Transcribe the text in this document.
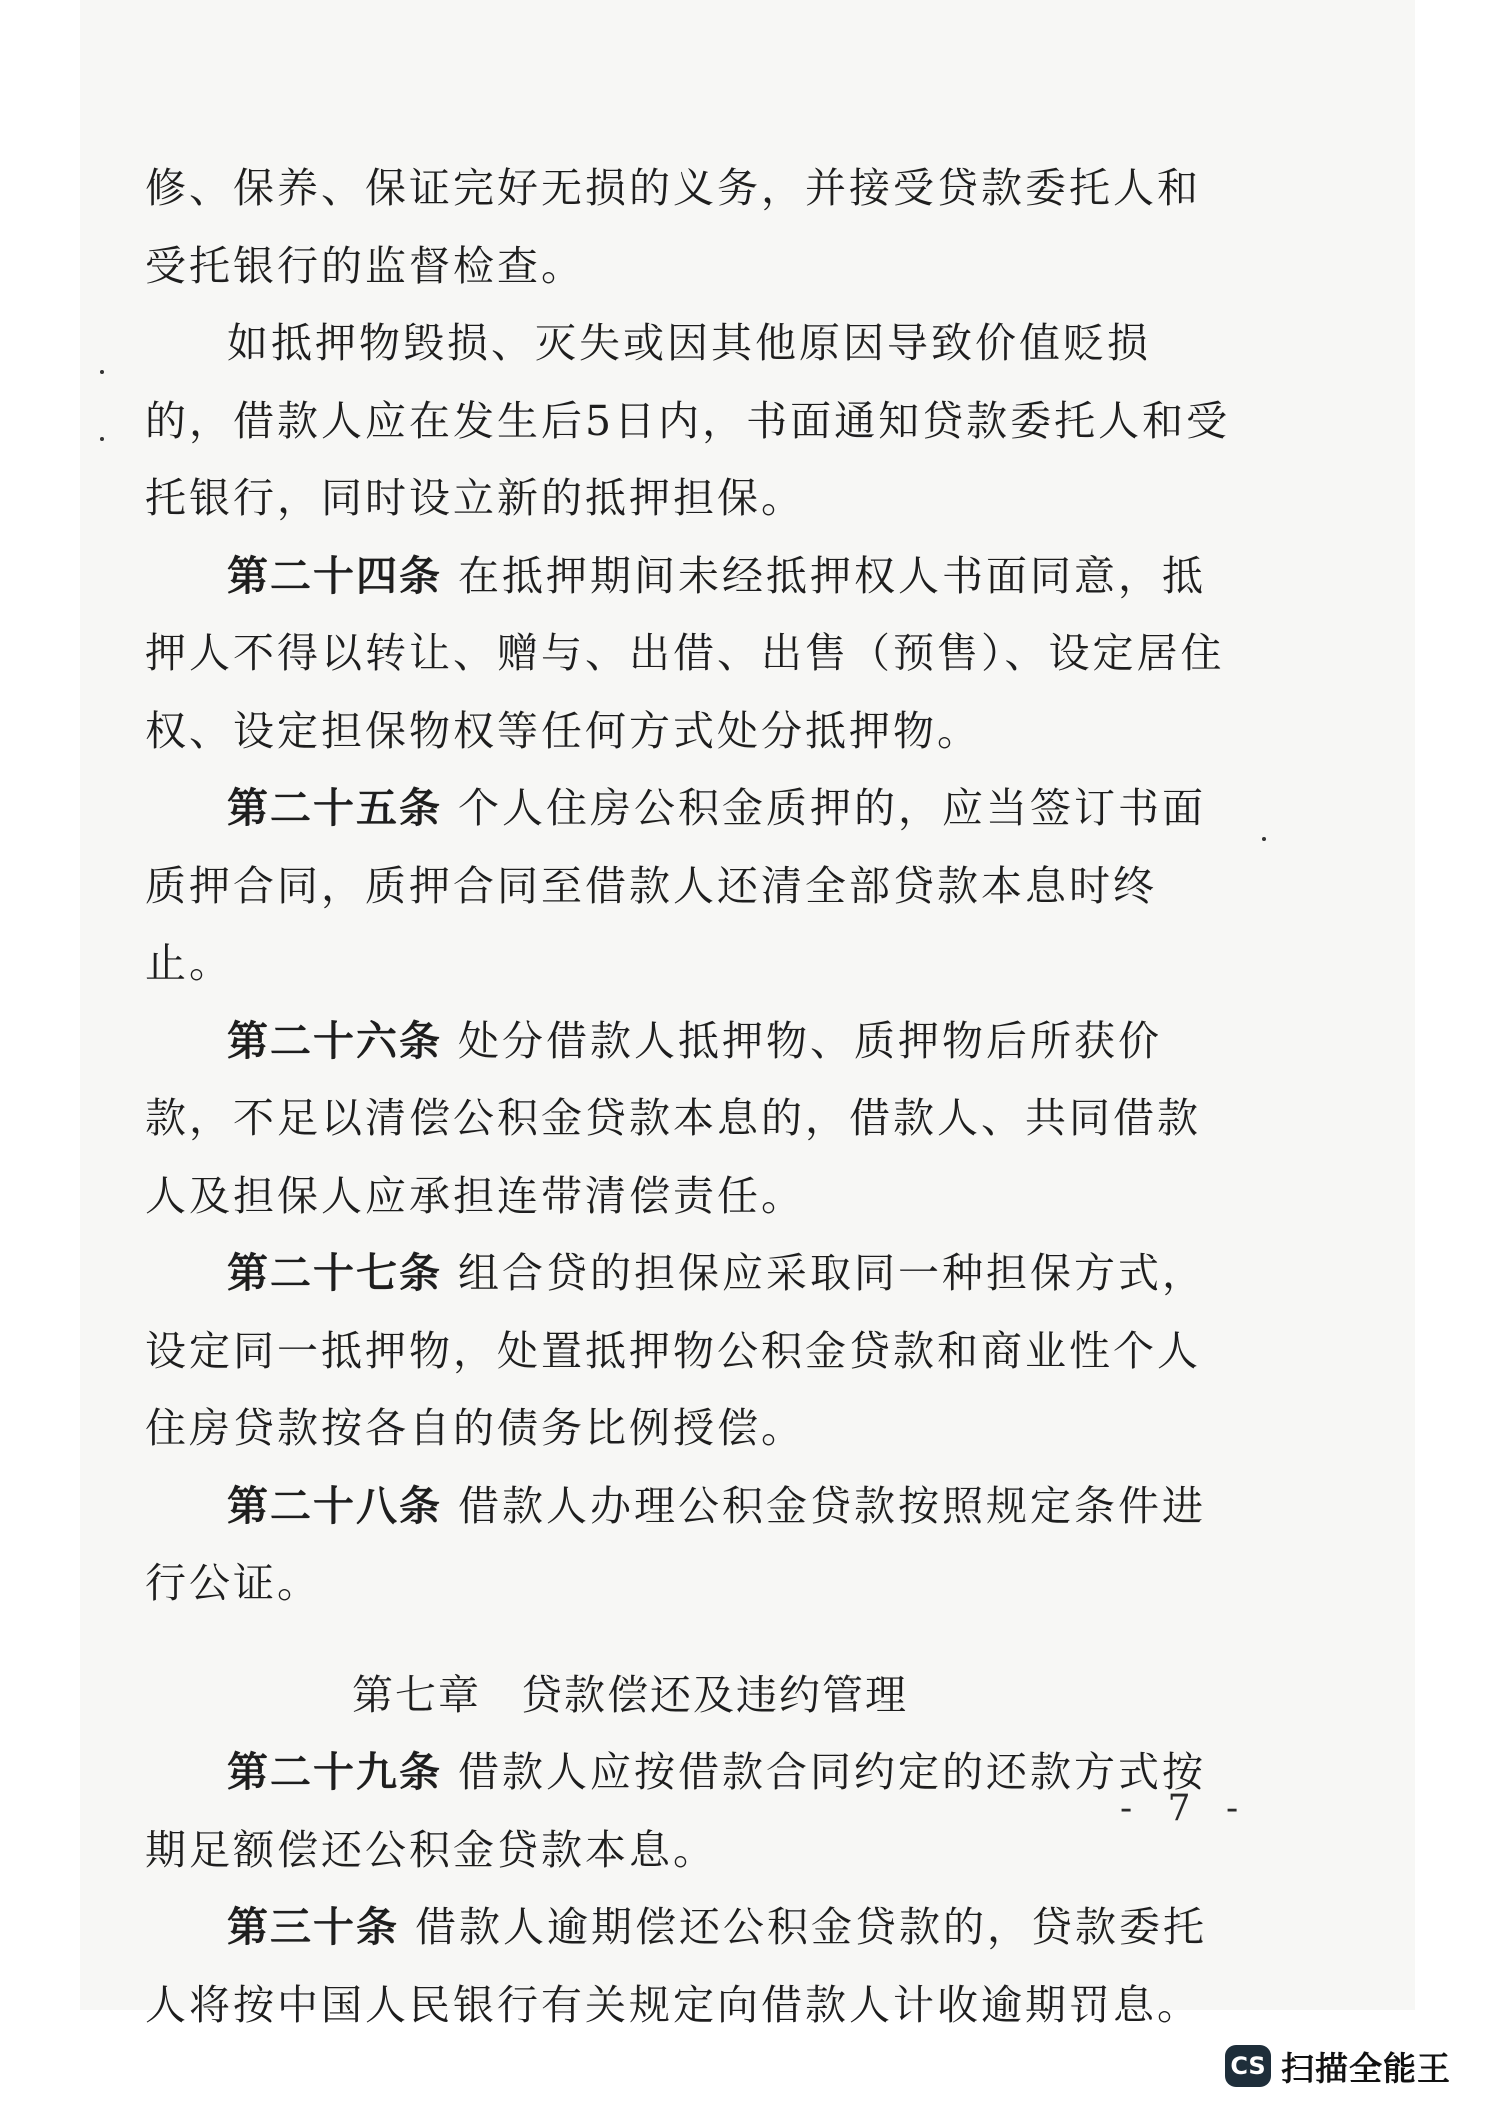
修、保养、保证完好无损的义务，并接受贷款委托人和受托银行的监督检查。

如抵押物毁损、灭失或因其他原因导致价值贬损的，借款人应在发生后5日内，书面通知贷款委托人和受托银行，同时设立新的抵押担保。

第二十四条 在抵押期间未经抵押权人书面同意，抵押人不得以转让、赠与、出借、出售（预售）、设定居住权、设定担保物权等任何方式处分抵押物。

第二十五条 个人住房公积金质押的，应当签订书面质押合同，质押合同至借款人还清全部贷款本息时终止。

第二十六条 处分借款人抵押物、质押物后所获价款，不足以清偿公积金贷款本息的，借款人、共同借款人及担保人应承担连带清偿责任。

第二十七条 组合贷的担保应采取同一种担保方式，设定同一抵押物，处置抵押物公积金贷款和商业性个人住房贷款按各自的债务比例授偿。

第二十八条 借款人办理公积金贷款按照规定条件进行公证。

第七章 贷款偿还及违约管理

第二十九条 借款人应按借款合同约定的还款方式按期足额偿还公积金贷款本息。

第三十条 借款人逾期偿还公积金贷款的，贷款委托人将按中国人民银行有关规定向借款人计收逾期罚息。

- 7 -
CS 扫描全能王
